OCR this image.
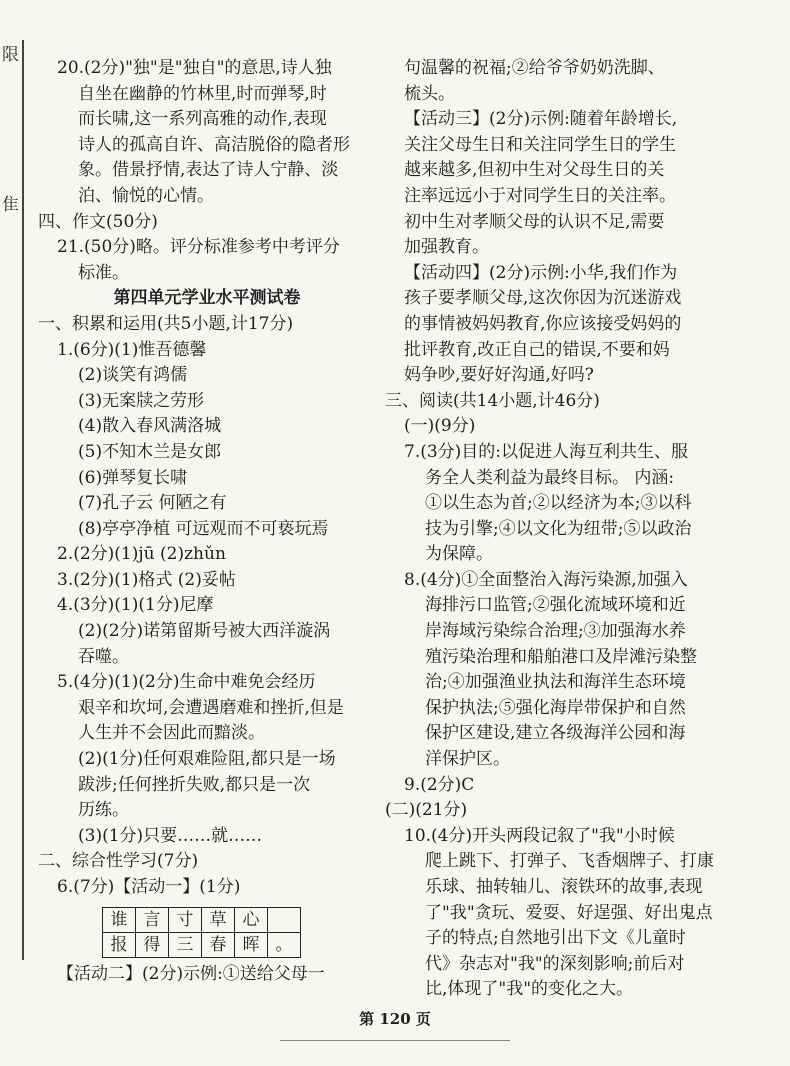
限
隹
20.(2分)"独"是"独自"的意思,诗人独
自坐在幽静的竹林里,时而弹琴,时
而长啸,这一系列高雅的动作,表现
诗人的孤高自许、高洁脱俗的隐者形
象。借景抒情,表达了诗人宁静、淡
泊、愉悦的心情。
四、作文(50分)
21.(50分)略。评分标准参考中考评分
标准。
第四单元学业水平测试卷
一、积累和运用(共5小题,计17分)
1.(6分)(1)惟吾德馨
(2)谈笑有鸿儒
(3)无案牍之劳形
(4)散入春风满洛城
(5)不知木兰是女郎
(6)弹琴复长啸
(7)孔子云 何陋之有
(8)亭亭净植 可远观而不可亵玩焉
2.(2分)(1)jū (2)zhǔn
3.(2分)(1)格式 (2)妥帖
4.(3分)(1)(1分)尼摩
(2)(2分)诺第留斯号被大西洋漩涡
吞噬。
5.(4分)(1)(2分)生命中难免会经历
艰辛和坎坷,会遭遇磨难和挫折,但是
人生并不会因此而黯淡。
(2)(1分)任何艰难险阻,都只是一场
跋涉;任何挫折失败,都只是一次
历练。
(3)(1分)只要……就……
二、综合性学习(7分)
6.(7分)【活动一】(1分)
谁	言	寸	草	心	
报	得	三	春	晖	。
【活动二】(2分)示例:①送给父母一
句温馨的祝福;②给爷爷奶奶洗脚、
梳头。
【活动三】(2分)示例:随着年龄增长,
关注父母生日和关注同学生日的学生
越来越多,但初中生对父母生日的关
注率远远小于对同学生日的关注率。
初中生对孝顺父母的认识不足,需要
加强教育。
【活动四】(2分)示例:小华,我们作为
孩子要孝顺父母,这次你因为沉迷游戏
的事情被妈妈教育,你应该接受妈妈的
批评教育,改正自己的错误,不要和妈
妈争吵,要好好沟通,好吗?
三、阅读(共14小题,计46分)
(一)(9分)
7.(3分)目的:以促进人海互利共生、服
务全人类利益为最终目标。 内涵:
①以生态为首;②以经济为本;③以科
技为引擎;④以文化为纽带;⑤以政治
为保障。
8.(4分)①全面整治入海污染源,加强入
海排污口监管;②强化流域环境和近
岸海域污染综合治理;③加强海水养
殖污染治理和船舶港口及岸滩污染整
治;④加强渔业执法和海洋生态环境
保护执法;⑤强化海岸带保护和自然
保护区建设,建立各级海洋公园和海
洋保护区。
9.(2分)C
(二)(21分)
10.(4分)开头两段记叙了"我"小时候
爬上跳下、打弹子、飞香烟牌子、打康
乐球、抽转轴儿、滚铁环的故事,表现
了"我"贪玩、爱耍、好逞强、好出鬼点
子的特点;自然地引出下文《儿童时
代》杂志对"我"的深刻影响;前后对
比,体现了"我"的变化之大。
第 120 页
